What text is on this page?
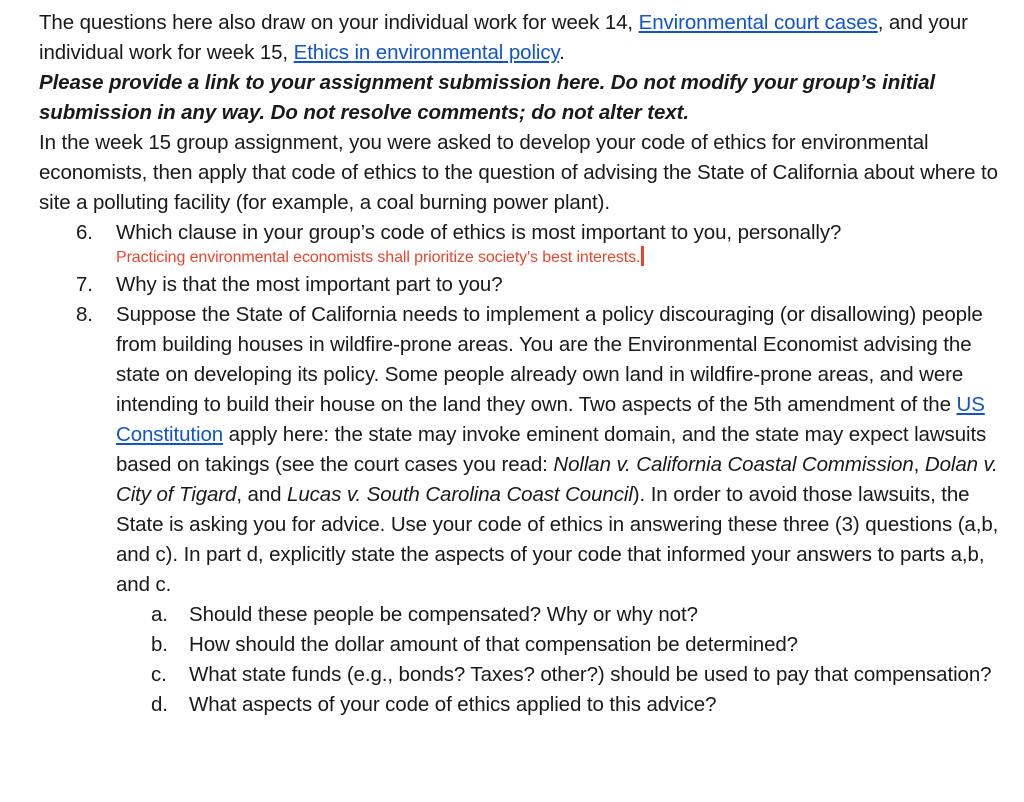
The questions here also draw on your individual work for week 14, Environmental court cases, and your individual work for week 15, Ethics in environmental policy.

Please provide a link to your assignment submission here. Do not modify your group’s initial submission in any way. Do not resolve comments; do not alter text.

In the week 15 group assignment, you were asked to develop your code of ethics for environmental economists, then apply that code of ethics to the question of advising the State of California about where to site a polluting facility (for example, a coal burning power plant).

6. Which clause in your group’s code of ethics is most important to you, personally?
Practicing environmental economists shall prioritize society's best interests.
7. Why is that the most important part to you?
8. Suppose the State of California needs to implement a policy discouraging (or disallowing) people from building houses in wildfire-prone areas. You are the Environmental Economist advising the state on developing its policy. Some people already own land in wildfire-prone areas, and were intending to build their house on the land they own. Two aspects of the 5th amendment of the US Constitution apply here: the state may invoke eminent domain, and the state may expect lawsuits based on takings (see the court cases you read: Nollan v. California Coastal Commission, Dolan v. City of Tigard, and Lucas v. South Carolina Coast Council). In order to avoid those lawsuits, the State is asking you for advice. Use your code of ethics in answering these three (3) questions (a,b, and c). In part d, explicitly state the aspects of your code that informed your answers to parts a,b, and c.
a. Should these people be compensated? Why or why not?
b. How should the dollar amount of that compensation be determined?
c. What state funds (e.g., bonds? Taxes? other?) should be used to pay that compensation?
d. What aspects of your code of ethics applied to this advice?
